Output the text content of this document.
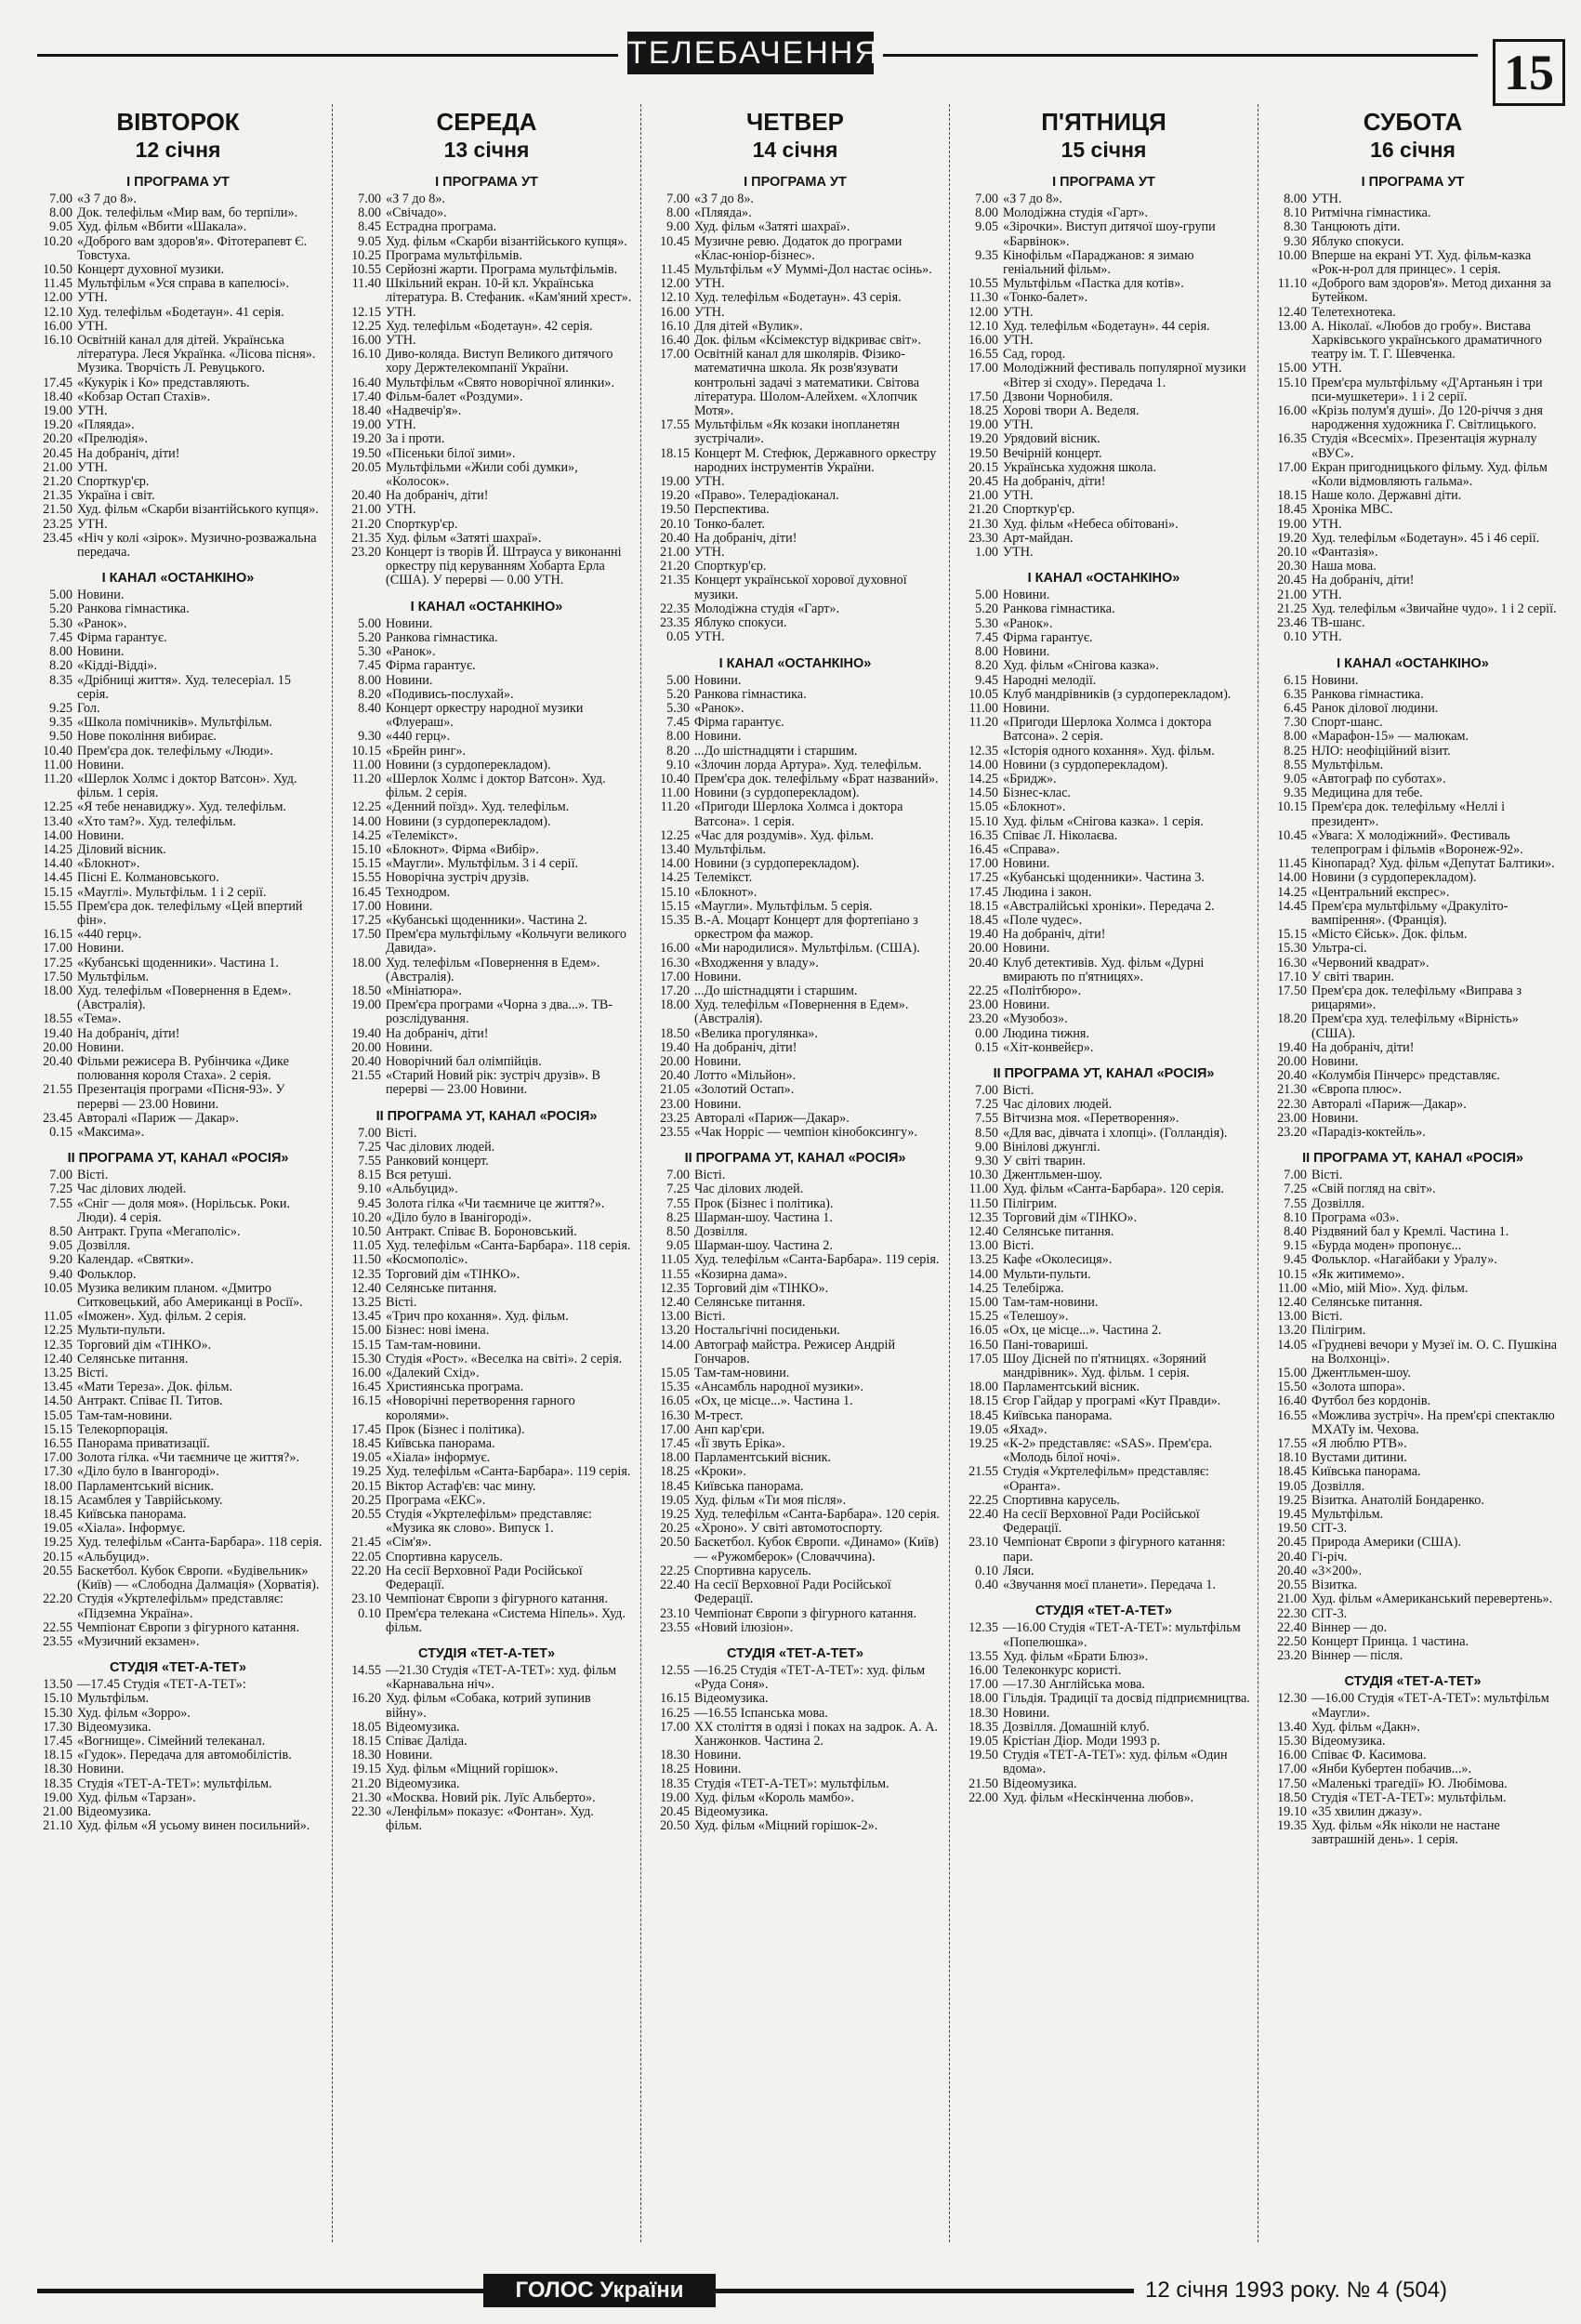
ТЕЛЕБАЧЕННЯ	15
ВІВТОРОК
12 січня
І ПРОГРАМА УТ
7.00 «З 7 до 8».
8.00 Док. телефільм «Мир вам, бо терпіли».
9.05 Худ. фільм «Вбити «Шакала».
10.20 «Доброго вам здоров'я». Фітотерапевт Є. Товстуха.
10.50 Концерт духовної музики.
11.45 Мультфільм «Уся справа в капелюсі».
12.00 УТН.
12.10 Худ. телефільм «Бодетаун». 41 серія.
16.00 УТН.
16.10 Освітній канал для дітей. Українська література. Леся Українка. «Лісова пісня». Музика. Творчість Л. Ревуцького.
17.45 «Кукурік і Ко» представляють.
18.40 «Кобзар Остап Стахів».
19.00 УТН.
19.20 «Пляяда».
20.20 «Прелюдія».
20.45 На добраніч, діти!
21.00 УТН.
21.20 Спорткур'єр.
21.35 Україна і світ.
21.50 Худ. фільм «Скарби візантійського купця».
23.25 УТН.
23.45 «Ніч у колі «зірок». Музично-розважальна передача.
І КАНАЛ «ОСТАНКІНО»
5.00 Новини.
5.20 Ранкова гімнастика.
5.30 «Ранок».
7.45 Фірма гарантує.
8.00 Новини.
8.20 «Кідді-Відді».
8.35 «Дрібниці життя». Худ. телесеріал. 15 серія.
9.25 Гол.
9.35 «Школа помічників». Мультфільм.
9.50 Нове покоління вибирає.
10.40 Прем'єра док. телефільму «Люди».
11.00 Новини.
11.20 «Шерлок Холмс і доктор Ватсон». Худ. фільм. 1 серія.
12.25 «Я тебе ненавиджу». Худ. телефільм.
13.40 «Хто там?». Худ. телефільм.
14.00 Новини.
14.25 Діловий вісник.
14.40 «Блокнот».
14.45 Пісні Е. Колмановського.
15.15 «Мауглі». Мультфільм. 1 і 2 серії.
15.55 Прем'єра док. телефільму «Цей впертий фін».
16.15 «440 герц».
17.00 Новини.
17.25 «Кубанські щоденники». Частина 1.
17.50 Мультфільм.
18.00 Худ. телефільм «Повернення в Едем». (Австралія).
18.55 «Тема».
19.40 На добраніч, діти!
20.00 Новини.
20.40 Фільми режисера В. Рубінчика «Дике полювання короля Стаха». 2 серія.
21.55 Презентація програми «Пісня-93». У перерві — 23.00 Новини.
23.45 Авторалі «Париж — Дакар».
0.15 «Максима».
ІІ ПРОГРАМА УТ, КАНАЛ «РОСІЯ»
7.00 Вісті.
7.25 Час ділових людей.
7.55 «Сніг — доля моя». (Норільськ. Роки. Люди). 4 серія.
8.50 Антракт. Група «Мегаполіс».
9.05 Дозвілля.
9.20 Календар. «Святки».
9.40 Фольклор.
10.05 Музика великим планом. «Дмитро Ситковецький, або Американці в Росії».
11.05 «Іможен». Худ. фільм. 2 серія.
12.25 Мульти-пульти.
12.35 Торговий дім «ТІНКО».
12.40 Селянське питання.
13.25 Вісті.
13.45 «Мати Тереза». Док. фільм.
14.50 Антракт. Співає П. Титов.
15.05 Там-там-новини.
15.15 Телекорпорація.
16.55 Панорама приватизації.
17.00 Золота гілка. «Чи таємниче це життя?».
17.30 «Діло було в Івангороді».
18.00 Парламентський вісник.
18.15 Асамблея у Таврійському.
18.45 Київська панорама.
19.05 «Хіала». Інформує.
19.25 Худ. телефільм «Санта-Барбара». 118 серія.
20.15 «Альбуцид».
20.55 Баскетбол. Кубок Європи. «Будівельник» (Київ) — «Слободна Далмація» (Хорватія).
22.20 Студія «Укртелефільм» представляє: «Підземна Україна».
22.55 Чемпіонат Європи з фігурного катання.
23.55 «Музичний екзамен».
СТУДІЯ «ТЕТ-А-ТЕТ»
13.50 —17.45 Студія «ТЕТ-А-ТЕТ»:
15.10 Мультфільм.
15.30 Худ. фільм «Зорро».
17.30 Відеомузика.
17.45 «Вогнище». Сімейний телеканал.
18.15 «Гудок». Передача для автомобілістів.
18.30 Новини.
18.35 Студія «ТЕТ-А-ТЕТ»: мультфільм.
19.00 Худ. фільм «Тарзан».
21.00 Відеомузика.
21.10 Худ. фільм «Я усьому винен посильний».
СЕРЕДА
13 січня
І ПРОГРАМА УТ
7.00 «З 7 до 8».
8.00 «Свічадо».
8.45 Естрадна програма.
9.05 Худ. фільм «Скарби візантійського купця».
10.25 Програма мультфільмів.
10.55 Серйозні жарти. Програма мультфільмів.
11.40 Шкільний екран. 10-й кл. Українська література. В. Стефаник. «Кам'яний хрест».
12.15 УТН.
12.25 Худ. телефільм «Бодетаун». 42 серія.
16.00 УТН.
16.10 Диво-коляда. Виступ Великого дитячого хору Держтелекомпанії України.
16.40 Мультфільм «Свято новорічної ялинки».
17.40 Фільм-балет «Роздуми».
18.40 «Надвечір'я».
19.00 УТН.
19.20 За і проти.
19.50 «Пісеньки білої зими».
20.05 Мультфільми «Жили собі думки», «Колосок».
20.40 На добраніч, діти!
21.00 УТН.
21.20 Спорткур'єр.
21.35 Худ. фільм «Затяті шахраї».
23.20 Концерт із творів Й. Штрауса у виконанні оркестру під керуванням Хобарта Ерла (США). У перерві — 0.00 УТН.
І КАНАЛ «ОСТАНКІНО»
5.00 Новини.
5.20 Ранкова гімнастика.
5.30 «Ранок».
7.45 Фірма гарантує.
8.00 Новини.
8.20 «Подивись-послухай».
8.40 Концерт оркестру народної музики «Флуераш».
9.30 «440 герц».
10.15 «Брейн ринг».
11.00 Новини (з сурдоперекладом).
11.20 «Шерлок Холмс і доктор Ватсон». Худ. фільм. 2 серія.
12.25 «Денний поїзд». Худ. телефільм.
14.00 Новини (з сурдоперекладом).
14.25 «Телемікст».
15.10 «Блокнот». Фірма «Вибір».
15.15 «Маугли». Мультфільм. 3 і 4 серії.
15.55 Новорічна зустріч друзів.
16.45 Технодром.
17.00 Новини.
17.25 «Кубанські щоденники». Частина 2.
17.50 Прем'єра мультфільму «Кольчуги великого Давида».
18.00 Худ. телефільм «Повернення в Едем». (Австралія).
18.50 «Мініатюра».
19.00 Прем'єра програми «Чорна з два...». ТВ-розслідування.
19.40 На добраніч, діти!
20.00 Новини.
20.40 Новорічний бал олімпійців.
21.55 «Старий Новий рік: зустріч друзів». В перерві — 23.00 Новини.
ІІ ПРОГРАМА УТ, КАНАЛ «РОСІЯ»
7.00 Вісті.
7.25 Час ділових людей.
7.55 Ранковий концерт.
8.15 Вся ретуші.
9.10 «Альбуцид».
9.45 Золота гілка «Чи таємниче це життя?».
10.20 «Діло було в Іванігороді».
10.50 Антракт. Співає В. Бороновський.
11.05 Худ. телефільм «Санта-Барбара». 118 серія.
11.50 «Космополіс».
12.35 Торговий дім «ТІНКО».
12.40 Селянське питання.
13.25 Вісті.
13.45 «Трич про кохання». Худ. фільм.
15.00 Бізнес: нові імена.
15.15 Там-там-новини.
15.30 Студія «Рост». «Веселка на світі». 2 серія.
16.00 «Далекий Схід».
16.45 Християнська програма.
16.15 «Новорічні перетворення гарного королями».
17.45 Прок (Бізнес і політика).
18.45 Київська панорама.
19.05 «Хіала» інформує.
19.25 Худ. телефільм «Санта-Барбара». 119 серія.
20.15 Віктор Астаф'єв: час мину.
20.25 Програма «ЕКС».
20.55 Студія «Укртелефільм» представляє: «Музика як слово». Випуск 1.
21.45 «Сім'я».
22.05 Спортивна карусель.
22.20 На сесії Верховної Ради Російської Федерації.
23.10 Чемпіонат Європи з фігурного катання.
0.10 Прем'єра телекана «Система Ніпель». Худ. фільм.
СТУДІЯ «ТЕТ-А-ТЕТ»
14.55 —21.30 Студія «ТЕТ-А-ТЕТ»: худ. фільм «Карнавальна ніч».
16.20 Худ. фільм «Собака, котрий зупинив війну».
18.05 Відеомузика.
18.15 Співає Даліда.
18.30 Новини.
19.15 Худ. фільм «Міцний горішок».
21.20 Відеомузика.
21.30 «Москва. Новий рік. Луїс Альберто».
22.30 «Ленфільм» показує: «Фонтан». Худ. фільм.
ЧЕТВЕР
14 січня
І ПРОГРАМА УТ
7.00 «З 7 до 8».
8.00 «Пляяда».
9.00 Худ. фільм «Затяті шахраї».
10.45 Музичне ревю. Додаток до програми «Клас-юніор-бізнес».
11.45 Мультфільм «У Муммі-Дол настає осінь».
12.00 УТН.
12.10 Худ. телефільм «Бодетаун». 43 серія.
16.00 УТН.
16.10 Для дітей «Вулик».
16.40 Док. фільм «Ксімекстур відкриває світ».
17.00 Освітній канал для школярів. Фізико-математична школа. Як розв'язувати контрольні задачі з математики. Світова література. Шолом-Алейхем. «Хлопчик Мотя».
17.55 Мультфільм «Як козаки інопланетян зустрічали».
18.15 Концерт М. Стефюк, Державного оркестру народних інструментів України.
19.00 УТН.
19.20 «Право». Телерадіоканал.
19.50 Перспектива.
20.10 Тонко-балет.
20.40 На добраніч, діти!
21.00 УТН.
21.20 Спорткур'єр.
21.35 Концерт української хорової духовної музики.
22.35 Молодіжна студія «Гарт».
23.35 Яблуко спокуси.
0.05 УТН.
І КАНАЛ «ОСТАНКІНО»
5.00 Новини.
5.20 Ранкова гімнастика.
5.30 «Ранок».
7.45 Фірма гарантує.
8.00 Новини.
8.20 ...До шістнадцяти і старшим.
9.10 «Злочин лорда Артура». Худ. телефільм.
10.40 Прем'єра док. телефільму «Брат названий».
11.00 Новини (з сурдоперекладом).
11.20 «Пригоди Шерлока Холмса і доктора Ватсона». 1 серія.
12.25 «Час для роздумів». Худ. фільм.
13.40 Мультфільм.
14.00 Новини (з сурдоперекладом).
14.25 Телемікст.
15.10 «Блокнот».
15.15 «Маугли». Мультфільм. 5 серія.
15.35 В.-А. Моцарт Концерт для фортепіано з оркестром фа мажор.
16.00 «Ми народилися». Мультфільм. (США).
16.30 «Входження у владу».
17.00 Новини.
17.20 ...До шістнадцяти і старшим.
18.00 Худ. телефільм «Повернення в Едем». (Австралія).
18.50 «Велика прогулянка».
19.40 На добраніч, діти!
20.00 Новини.
20.40 Лотто «Мільйон».
21.05 «Золотий Остап».
23.00 Новини.
23.25 Авторалі «Париж—Дакар».
23.55 «Чак Норріс — чемпіон кінобоксингу».
ІІ ПРОГРАМА УТ, КАНАЛ «РОСІЯ»
7.00 Вісті.
7.25 Час ділових людей.
7.55 Прок (Бізнес і політика).
8.25 Шарман-шоу. Частина 1.
8.50 Дозвілля.
9.05 Шарман-шоу. Частина 2.
11.05 Худ. телефільм «Санта-Барбара». 119 серія.
11.55 «Козирна дама».
12.35 Торговий дім «ТІНКО».
12.40 Селянське питання.
13.00 Вісті.
13.20 Ностальгічні посиденьки.
14.00 Автограф майстра. Режисер Андрій Гончаров.
15.05 Там-там-новини.
15.35 «Ансамбль народної музики».
16.05 «Ох, це місце...». Частина 1.
16.30 М-трест.
17.00 Анп кар'єри.
17.45 «Її звуть Еріка».
18.00 Парламентський вісник.
18.25 «Кроки».
18.45 Київська панорама.
19.05 Худ. фільм «Ти моя після».
19.25 Худ. телефільм «Санта-Барбара». 120 серія.
20.25 «Хроно». У світі автомотоспорту.
20.50 Баскетбол. Кубок Європи. «Динамо» (Київ) — «Ружомберок» (Словаччина).
22.25 Спортивна карусель.
22.40 На сесії Верховної Ради Російської Федерації.
23.10 Чемпіонат Європи з фігурного катання.
23.55 «Новий ілюзіон».
СТУДІЯ «ТЕТ-А-ТЕТ»
12.55 —16.25 Студія «ТЕТ-А-ТЕТ»: худ. фільм «Руда Соня».
16.15 Відеомузика.
16.25 —16.55 Іспанська мова.
17.00 XX століття в одязі і поках на задрок. А. А. Ханжонков. Частина 2.
18.30 Новини.
18.25 Новини.
18.35 Студія «ТЕТ-А-ТЕТ»: мультфільм.
19.00 Худ. фільм «Король мамбо».
20.45 Відеомузика.
20.50 Худ. фільм «Міцний горішок-2».
П'ЯТНИЦЯ
15 січня
І ПРОГРАМА УТ
7.00 «З 7 до 8».
8.00 Молодіжна студія «Гарт».
9.05 «Зірочки». Виступ дитячої шоу-групи «Барвінок».
9.35 Кінофільм «Параджанов: я зимаю геніальний фільм».
10.55 Мультфільм «Пастка для котів».
11.30 «Тонко-балет».
12.00 УТН.
12.10 Худ. телефільм «Бодетаун». 44 серія.
16.00 УТН.
16.55 Сад, город.
17.00 Молодіжний фестиваль популярної музики «Вітер зі сходу». Передача 1.
17.50 Дзвони Чорнобиля.
18.25 Хорові твори А. Веделя.
19.00 УТН.
19.20 Урядовий вісник.
19.50 Вечірній концерт.
20.15 Українська художня школа.
20.45 На добраніч, діти!
21.00 УТН.
21.20 Спорткур'єр.
21.30 Худ. фільм «Небеса обітовані».
23.30 Арт-майдан.
1.00 УТН.
І КАНАЛ «ОСТАНКІНО»
5.00 Новини.
5.20 Ранкова гімнастика.
5.30 «Ранок».
7.45 Фірма гарантує.
8.00 Новини.
8.20 Худ. фільм «Снігова казка».
9.45 Народні мелодії.
10.05 Клуб мандрівників (з сурдоперекладом).
11.00 Новини.
11.20 «Пригоди Шерлока Холмса і доктора Ватсона». 2 серія.
12.35 «Історія одного кохання». Худ. фільм.
14.00 Новини (з сурдоперекладом).
14.25 «Бридж».
14.50 Бізнес-клас.
15.05 «Блокнот».
15.10 Худ. фільм «Снігова казка». 1 серія.
16.35 Співає Л. Ніколаєва.
16.45 «Справа».
17.00 Новини.
17.25 «Кубанські щоденники». Частина 3.
17.45 Людина і закон.
18.15 «Австралійські хроніки». Передача 2.
18.45 «Поле чудес».
19.40 На добраніч, діти!
20.00 Новини.
20.40 Клуб детективів. Худ. фільм «Дурні вмирають по п'ятницях».
22.25 «Політбюро».
23.00 Новини.
23.20 «Музобоз».
0.00 Людина тижня.
0.15 «Хіт-конвейєр».
ІІ ПРОГРАМА УТ, КАНАЛ «РОСІЯ»
7.00 Вісті.
7.25 Час ділових людей.
7.55 Вітчизна моя. «Перетворення».
8.50 «Для вас, дівчата і хлопці». (Голландія).
9.00 Вінілові джунглі.
9.30 У світі тварин.
10.30 Джентльмен-шоу.
11.00 Худ. фільм «Санта-Барбара». 120 серія.
11.50 Пілігрим.
12.35 Торговий дім «ТІНКО».
12.40 Селянське питання.
13.00 Вісті.
13.25 Кафе «Околесиця».
14.00 Мульти-пульти.
14.25 Телебіржа.
15.00 Там-там-новини.
15.25 «Телешоу».
16.05 «Ох, це місце...». Частина 2.
16.50 Пані-товариші.
17.05 Шоу Дісней по п'ятницях. «Зоряний мандрівник». Худ. фільм. 1 серія.
18.00 Парламентський вісник.
18.15 Єгор Гайдар у програмі «Кут Правди».
18.45 Київська панорама.
19.05 «Яхад».
19.25 «К-2» представляє: «SAS». Прем'єра. «Молодь білої ночі».
21.55 Студія «Укртелефільм» представляє: «Оранта».
22.25 Спортивна карусель.
22.40 На сесії Верховної Ради Російської Федерації.
23.10 Чемпіонат Європи з фігурного катання: пари.
0.10 Ляси.
0.40 «Звучання моєї планети». Передача 1.
СТУДІЯ «ТЕТ-А-ТЕТ»
12.35 —16.00 Студія «ТЕТ-А-ТЕТ»: мультфільм «Попелюшка».
13.55 Худ. фільм «Брати Блюз».
16.00 Телеконкурс користі.
17.00 —17.30 Англійська мова.
18.00 Гільдія. Традиції та досвід підприємництва.
18.30 Новини.
18.35 Дозвілля. Домашній клуб.
19.05 Крістіан Діор. Моди 1993 р.
19.50 Студія «ТЕТ-А-ТЕТ»: худ. фільм «Один вдома».
21.50 Відеомузика.
22.00 Худ. фільм «Нескінченна любов».
СУБОТА
16 січня
І ПРОГРАМА УТ
8.00 УТН.
8.10 Ритмічна гімнастика.
8.30 Танцюють діти.
9.30 Яблуко спокуси.
10.00 Вперше на екрані УТ. Худ. фільм-казка «Рок-н-рол для принцес». 1 серія.
11.10 «Доброго вам здоров'я». Метод дихання за Бутейком.
12.40 Телетехнотека.
13.00 А. Ніколаї. «Любов до гробу». Вистава Харківського українського драматичного театру ім. Т. Г. Шевченка.
15.00 УТН.
15.10 Прем'єра мультфільму «Д'Артаньян і три пси-мушкетери». 1 і 2 серії.
16.00 «Крізь полум'я душі». До 120-річчя з дня народження художника Г. Світлицького.
16.35 Студія «Всесміх». Презентація журналу «ВУС».
17.00 Екран пригодницького фільму. Худ. фільм «Коли відмовляють гальма».
18.15 Наше коло. Державні діти.
18.45 Хроніка МВС.
19.00 УТН.
19.20 Худ. телефільм «Бодетаун». 45 і 46 серії.
20.10 «Фантазія».
20.30 Наша мова.
20.45 На добраніч, діти!
21.00 УТН.
21.25 Худ. телефільм «Звичайне чудо». 1 і 2 серії.
23.46 ТВ-шанс.
0.10 УТН.
І КАНАЛ «ОСТАНКІНО»
6.15 Новини.
6.35 Ранкова гімнастика.
6.45 Ранок ділової людини.
7.30 Спорт-шанс.
8.00 «Марафон-15» — малюкам.
8.25 НЛО: неофіційний візит.
8.55 Мультфільм.
9.05 «Автограф по суботах».
9.35 Медицина для тебе.
10.15 Прем'єра док. телефільму «Неллі і президент».
10.45 «Увага: Х молодіжний». Фестиваль телепрограм і фільмів «Воронеж-92».
11.45 Кінопарад? Худ. фільм «Депутат Балтики».
14.00 Новини (з сурдоперекладом).
14.25 «Центральний експрес».
14.45 Прем'єра мультфільму «Дракуліто-вампірення». (Франція).
15.15 «Місто Єйськ». Док. фільм.
15.30 Ультра-сі.
16.30 «Червоний квадрат».
17.10 У світі тварин.
17.50 Прем'єра док. телефільму «Виправа з рицарями».
18.20 Прем'єра худ. телефільму «Вірність» (США).
19.40 На добраніч, діти!
20.00 Новини.
20.40 «Колумбія Пінчерс» представляє.
21.30 «Європа плюс».
22.30 Авторалі «Париж—Дакар».
23.00 Новини.
23.20 «Парадіз-коктейль».
ІІ ПРОГРАМА УТ, КАНАЛ «РОСІЯ»
7.00 Вісті.
7.25 «Свій погляд на світ».
7.55 Дозвілля.
8.10 Програма «03».
8.40 Різдвяний бал у Кремлі. Частина 1.
9.15 «Бурда моден» пропонує...
9.45 Фольклор. «Нагайбаки у Уралу».
10.15 «Як житимемо».
11.00 «Mio, мій Mio». Худ. фільм.
12.40 Селянське питання.
13.00 Вісті.
13.20 Пілігрим.
14.05 «Грудневі вечори у Музеї ім. О. С. Пушкіна на Волхонці».
15.00 Джентльмен-шоу.
15.50 «Золота шпора».
16.40 Футбол без кордонів.
16.55 «Можлива зустріч». На прем'єрі спектаклю МХАТу ім. Чехова.
17.55 «Я люблю РТВ».
18.10 Вустами дитини.
18.45 Київська панорама.
19.05 Дозвілля.
19.25 Візитка. Анатолій Бондаренко.
19.45 Мультфільм.
19.50 СІТ-3.
20.45 Природа Америки (США).
20.40 Гі-річ.
20.40 «3×200».
20.55 Візитка.
21.00 Худ. фільм «Американський перевертень».
22.30 СІТ-3.
22.40 Віннер — до.
22.50 Концерт Принца. 1 частина.
23.20 Віннер — після.
СТУДІЯ «ТЕТ-А-ТЕТ»
12.30 —16.00 Студія «ТЕТ-А-ТЕТ»: мультфільм «Маугли».
13.40 Худ. фільм «Дакн».
15.30 Відеомузика.
16.00 Співає Ф. Касимова.
17.00 «Янби Кубертен побачив...».
17.50 «Маленькі трагедії» Ю. Любімова.
18.50 Студія «ТЕТ-А-ТЕТ»: мультфільм.
19.10 «35 хвилин джазу».
19.35 Худ. фільм «Як ніколи не настане завтрашній день». 1 серія.
ГОЛОС України	12 січня 1993 року. № 4 (504)
